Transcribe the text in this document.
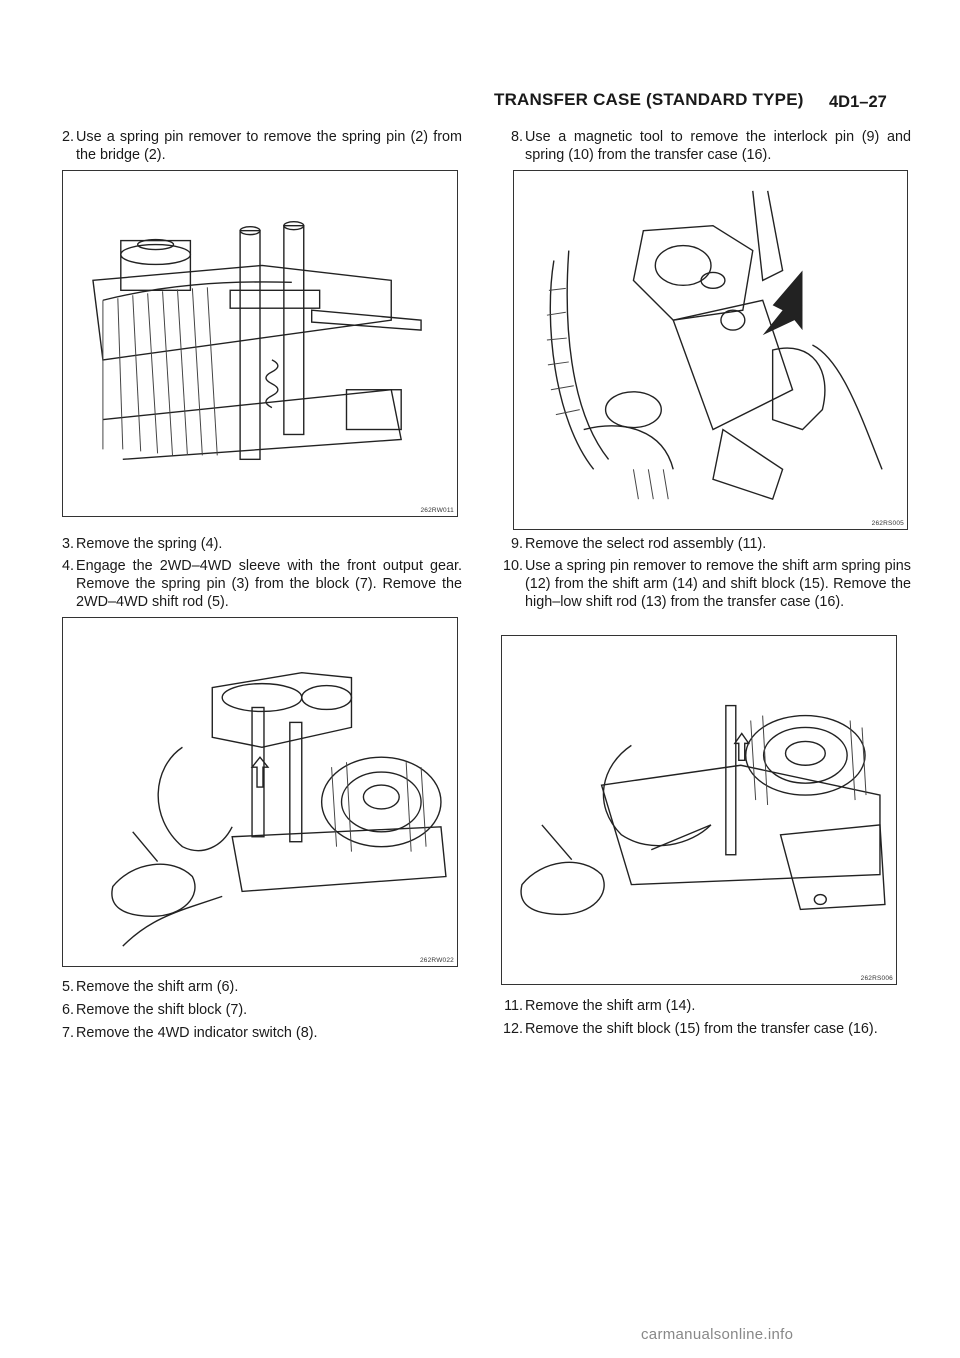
TRANSFER CASE (STANDARD TYPE) 4D1–27
2. Use a spring pin remover to remove the spring pin (2) from the bridge (2).
262RW011
3. Remove the spring (4).
4. Engage the 2WD–4WD sleeve with the front output gear. Remove the spring pin (3) from the block (7). Remove the 2WD–4WD shift rod (5).
262RW022
5. Remove the shift arm (6).
6. Remove the shift block (7).
7. Remove the 4WD indicator switch (8).
8. Use a magnetic tool to remove the interlock pin (9) and spring (10) from the transfer case (16).
262RS005
9. Remove the select rod assembly (11).
10. Use a spring pin remover to remove the shift arm spring pins (12) from the shift arm (14) and shift block (15). Remove the high–low shift rod (13) from the transfer case (16).
262RS006
11. Remove the shift arm (14).
12. Remove the shift block (15) from the transfer case (16).
carmanualsonline.info
